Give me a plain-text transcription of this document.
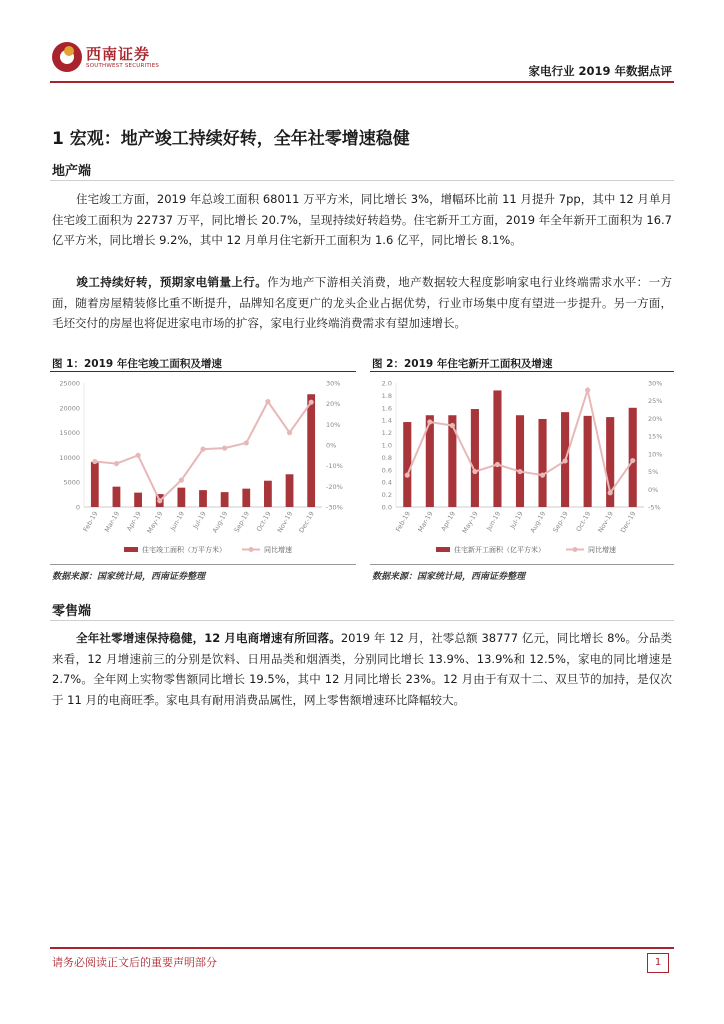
西南证券
SOUTHWEST SECURITIES	家电行业 2019 年数据点评
1 宏观：地产竣工持续好转，全年社零增速稳健
地产端
住宅竣工方面，2019 年总竣工面积 68011 万平方米，同比增长 3%，增幅环比前 11 月提升 7pp，其中 12 月单月住宅竣工面积为 22737 万平，同比增长 20.7%，呈现持续好转趋势。住宅新开工方面，2019 年全年新开工面积为 16.7 亿平方米，同比增长 9.2%，其中 12 月单月住宅新开工面积为 1.6 亿平，同比增长 8.1%。
竣工持续好转，预期家电销量上行。作为地产下游相关消费，地产数据较大程度影响家电行业终端需求水平：一方面，随着房屋精装修比重不断提升，品牌知名度更广的龙头企业占据优势，行业市场集中度有望进一步提升。另一方面，毛坯交付的房屋也将促进家电市场的扩容，家电行业终端消费需求有望加速增长。
图 1：2019 年住宅竣工面积及增速
25000
20000
15000
10000
5000
0
30%
20%
10%
0%
-10%
-20%
-30%
Feb-19 Mar-19 Apr-19 May-19 Jun-19 Jul-19 Aug-19 Sep-19 Oct-19 Nov-19 Dec-19
住宅竣工面积（万平方米）	同比增速
数据来源：国家统计局，西南证券整理
图 2：2019 年住宅新开工面积及增速
2.0
1.8
1.6
1.4
1.2
1.0
0.8
0.6
0.4
0.2
0.0
30%
25%
20%
15%
10%
5%
0%
-5%
Feb-19 Mar-19 Apr-19 May-19 Jun-19 Jul-19 Aug-19 Sep-19 Oct-19 Nov-19 Dec-19
住宅新开工面积（亿平方米）	同比增速
数据来源：国家统计局，西南证券整理
零售端
全年社零增速保持稳健，12 月电商增速有所回落。2019 年 12 月，社零总额 38777 亿元，同比增长 8%。分品类来看，12 月增速前三的分别是饮料、日用品类和烟酒类，分别同比增长 13.9%、13.9%和 12.5%，家电的同比增速是 2.7%。全年网上实物零售额同比增长 19.5%，其中 12 月同比增长 23%。12 月由于有双十二、双旦节的加持，是仅次于 11 月的电商旺季。家电具有耐用消费品属性，网上零售额增速环比降幅较大。
请务必阅读正文后的重要声明部分	1
